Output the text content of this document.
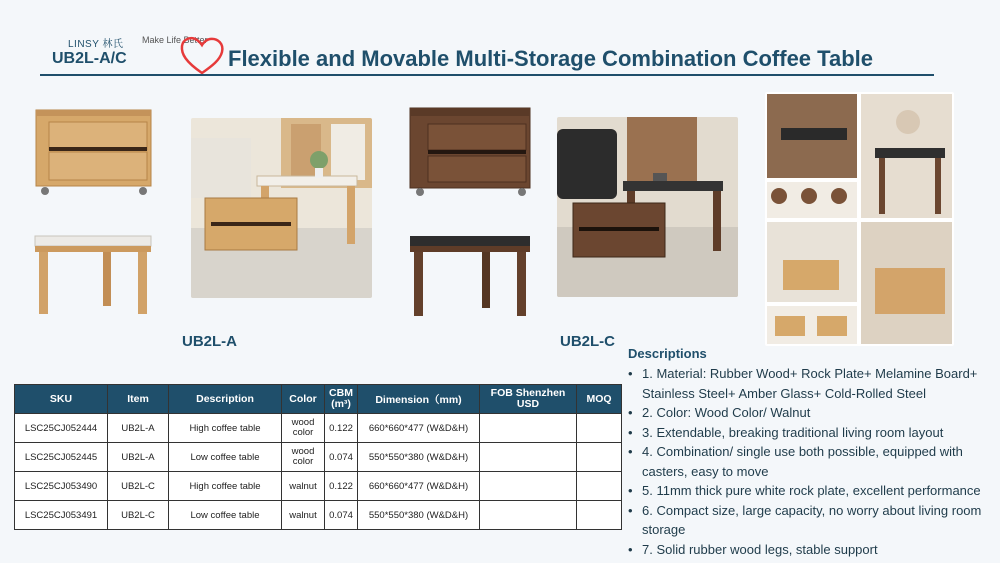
LINSY 林氏 Make Life Better
UB2L-A/C	Flexible and Movable Multi-Storage Combination Coffee Table
UB2L-A	UB2L-C
SKU	Item	Description	Color	CBM (m³)	Dimension（mm)	FOB Shenzhen USD	MOQ
LSC25CJ052444	UB2L-A	High coffee table	wood color	0.122	660*660*477 (W&D&H)		
LSC25CJ052445	UB2L-A	Low coffee table	wood color	0.074	550*550*380 (W&D&H)		
LSC25CJ053490	UB2L-C	High coffee table	walnut	0.122	660*660*477 (W&D&H)		
LSC25CJ053491	UB2L-C	Low coffee table	walnut	0.074	550*550*380 (W&D&H)		
Descriptions
• 1. Material: Rubber Wood+ Rock Plate+ Melamine Board+ Stainless Steel+ Amber Glass+ Cold-Rolled Steel
• 2. Color: Wood Color/ Walnut
• 3. Extendable, breaking traditional living room layout
• 4. Combination/ single use both possible, equipped with casters, easy to move
• 5. 11mm thick pure white rock plate, excellent performance
• 6. Compact size, large capacity, no worry about living room storage
• 7. Solid rubber wood legs, stable support
